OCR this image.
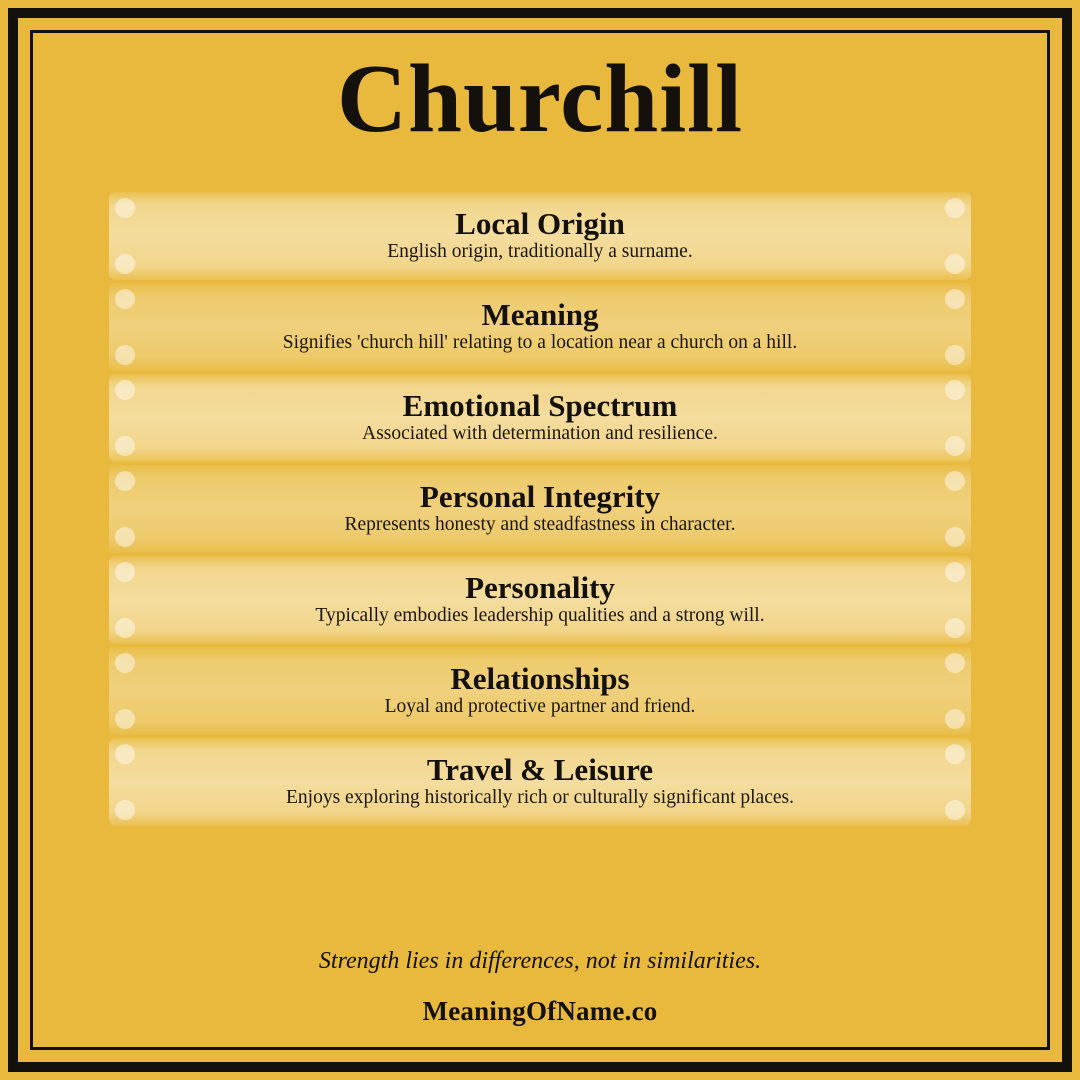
Churchill
Local Origin
English origin, traditionally a surname.
Meaning
Signifies 'church hill' relating to a location near a church on a hill.
Emotional Spectrum
Associated with determination and resilience.
Personal Integrity
Represents honesty and steadfastness in character.
Personality
Typically embodies leadership qualities and a strong will.
Relationships
Loyal and protective partner and friend.
Travel & Leisure
Enjoys exploring historically rich or culturally significant places.
Strength lies in differences, not in similarities.
MeaningOfName.co
